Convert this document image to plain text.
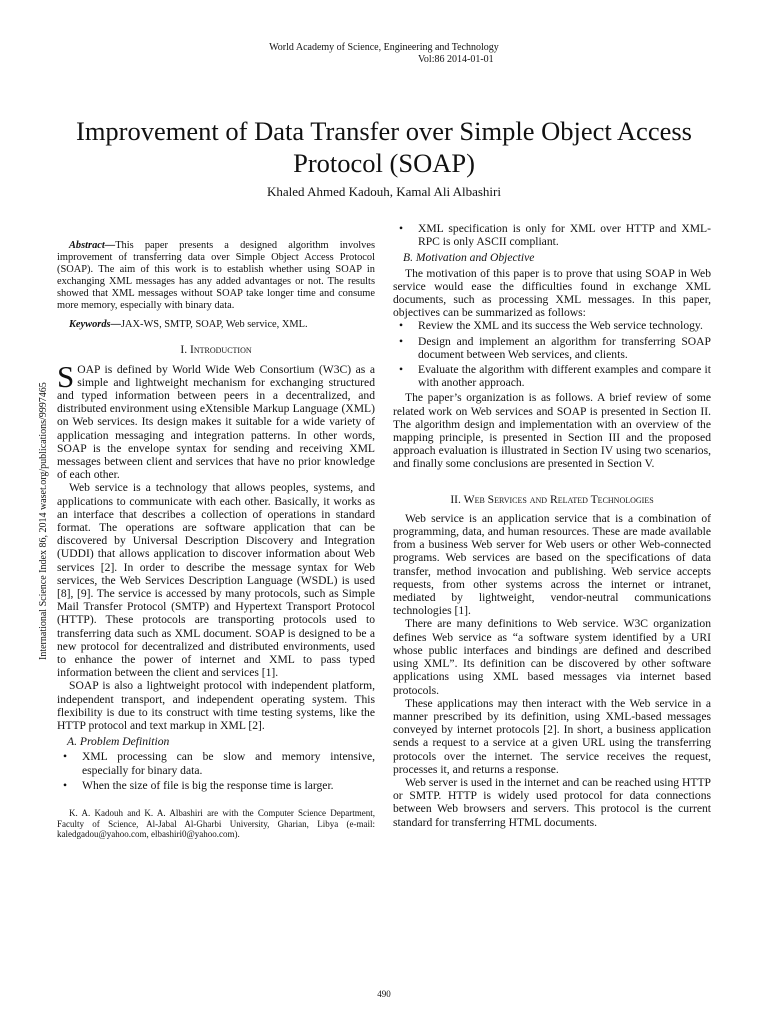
World Academy of Science, Engineering and Technology
Vol:86 2014-01-01
Improvement of Data Transfer over Simple Object Access Protocol (SOAP)
Khaled Ahmed Kadouh, Kamal Ali Albashiri
International Science Index 86, 2014 waset.org/publications/9997465

Abstract—This paper presents a designed algorithm involves improvement of transferring data over Simple Object Access Protocol (SOAP). The aim of this work is to establish whether using SOAP in exchanging XML messages has any added advantages or not. The results showed that XML messages without SOAP take longer time and consume more memory, especially with binary data.

Keywords—JAX-WS, SMTP, SOAP, Web service, XML.

I. Introduction

SOAP is defined by World Wide Web Consortium (W3C) as a simple and lightweight mechanism for exchanging structured and typed information between peers in a decentralized, and distributed environment using eXtensible Markup Language (XML) on Web services. Its design makes it suitable for a wide variety of application messaging and integration patterns. In other words, SOAP is the envelope syntax for sending and receiving XML messages between client and services that have no prior knowledge of each other.

Web service is a technology that allows peoples, systems, and applications to communicate with each other. Basically, it works as an interface that describes a collection of operations in standard format. The operations are software application that can be discovered by Universal Description Discovery and Integration (UDDI) that allows application to discover information about Web services [2]. In order to describe the message syntax for Web services, the Web Services Description Language (WSDL) is used [8], [9]. The service is accessed by many protocols, such as Simple Mail Transfer Protocol (SMTP) and Hypertext Transport Protocol (HTTP). These protocols are transporting protocols used to transferring data such as XML document. SOAP is designed to be a new protocol for decentralized and distributed environments, used to enhance the power of internet and XML to pass typed information between the client and services [1].

SOAP is also a lightweight protocol with independent platform, independent transport, and independent operating system. This flexibility is due to its construct with time testing systems, like the HTTP protocol and text markup in XML [2].

A. Problem Definition
• XML processing can be slow and memory intensive, especially for binary data.
• When the size of file is big the response time is larger.

K. A. Kadouh and K. A. Albashiri are with the Computer Science Department, Faculty of Science, Al-Jabal Al-Gharbi University, Gharian, Libya (e-mail: kaledgadou@yahoo.com, elbashiri0@yahoo.com).

• XML specification is only for XML over HTTP and XML-RPC is only ASCII compliant.
B. Motivation and Objective

The motivation of this paper is to prove that using SOAP in Web service would ease the difficulties found in exchange XML documents, such as processing XML messages. In this paper, objectives can be summarized as follows:

• Review the XML and its success the Web service technology.
• Design and implement an algorithm for transferring SOAP document between Web services, and clients.
• Evaluate the algorithm with different examples and compare it with another approach.

The paper’s organization is as follows. A brief review of some related work on Web services and SOAP is presented in Section II. The algorithm design and implementation with an overview of the mapping principle, is presented in Section III and the proposed approach evaluation is illustrated in Section IV using two scenarios, and finally some conclusions are presented in Section V.

II. Web Services and Related Technologies

Web service is an application service that is a combination of programming, data, and human resources. These are made available from a business Web server for Web users or other Web-connected programs. Web services are based on the specifications of data transfer, method invocation and publishing. Web service accepts requests, from other systems across the internet or intranet, mediated by lightweight, vendor-neutral communications technologies [1].

There are many definitions to Web service. W3C organization defines Web service as “a software system identified by a URI whose public interfaces and bindings are defined and described using XML”. Its definition can be discovered by other software applications using XML based messages via internet based protocols.

These applications may then interact with the Web service in a manner prescribed by its definition, using XML-based messages conveyed by internet protocols [2]. In short, a business application sends a request to a service at a given URL using the transferring protocols over the internet. The service receives the request, processes it, and returns a response.

Web server is used in the internet and can be reached using HTTP or SMTP. HTTP is widely used protocol for data connections between Web browsers and servers. This protocol is the current standard for transferring HTML documents.

490
